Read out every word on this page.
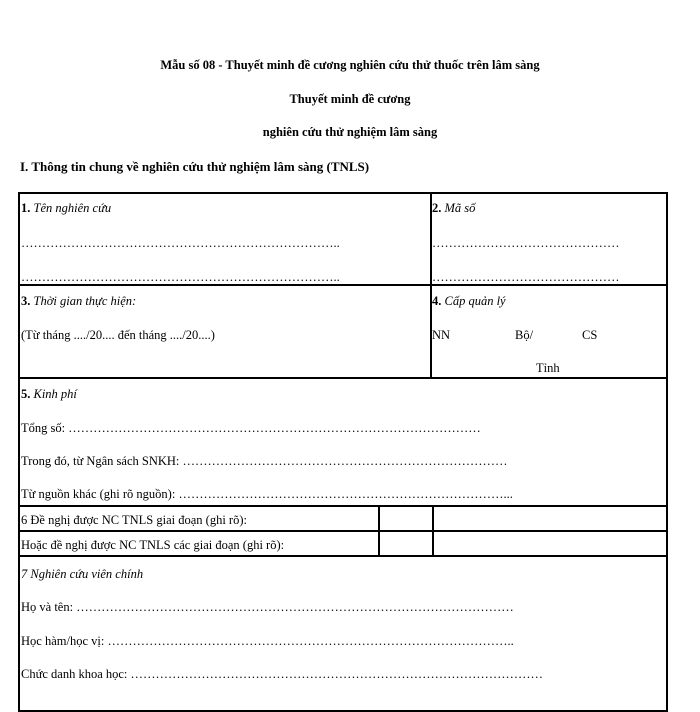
Mẫu số 08 - Thuyết minh đề cương nghiên cứu thử thuốc trên lâm sàng
Thuyết minh đề cương
nghiên cứu thử nghiệm lâm sàng
I. Thông tin chung về nghiên cứu thử nghiệm lâm sàng (TNLS)
1. Tên nghiên cứu
…………………………………………………………………..
…………………………………………………………………..
2. Mã số
………………………………………
………………………………………
3. Thời gian thực hiện:
(Từ tháng ..../20.... đến tháng ..../20....)
4. Cấp quản lý
NN	Bộ/
Tỉnh
CS
5. Kinh phí
Tổng số: ………………………………………………………………………………………
Trong đó, từ Ngân sách SNKH: ……………………………………………………………………
Từ nguồn khác (ghi rõ nguồn): ……………………………………………………………………...
6 Đề nghị được NC TNLS giai đoạn (ghi rõ):
Hoặc đề nghị được NC TNLS các giai đoạn (ghi rõ):
7 Nghiên cứu viên chính
Họ và tên: ……………………………………………………………………………………………
Học hàm/học vị: ……………………………………………………………………………………..
Chức danh khoa học: ………………………………………………………………………………………
